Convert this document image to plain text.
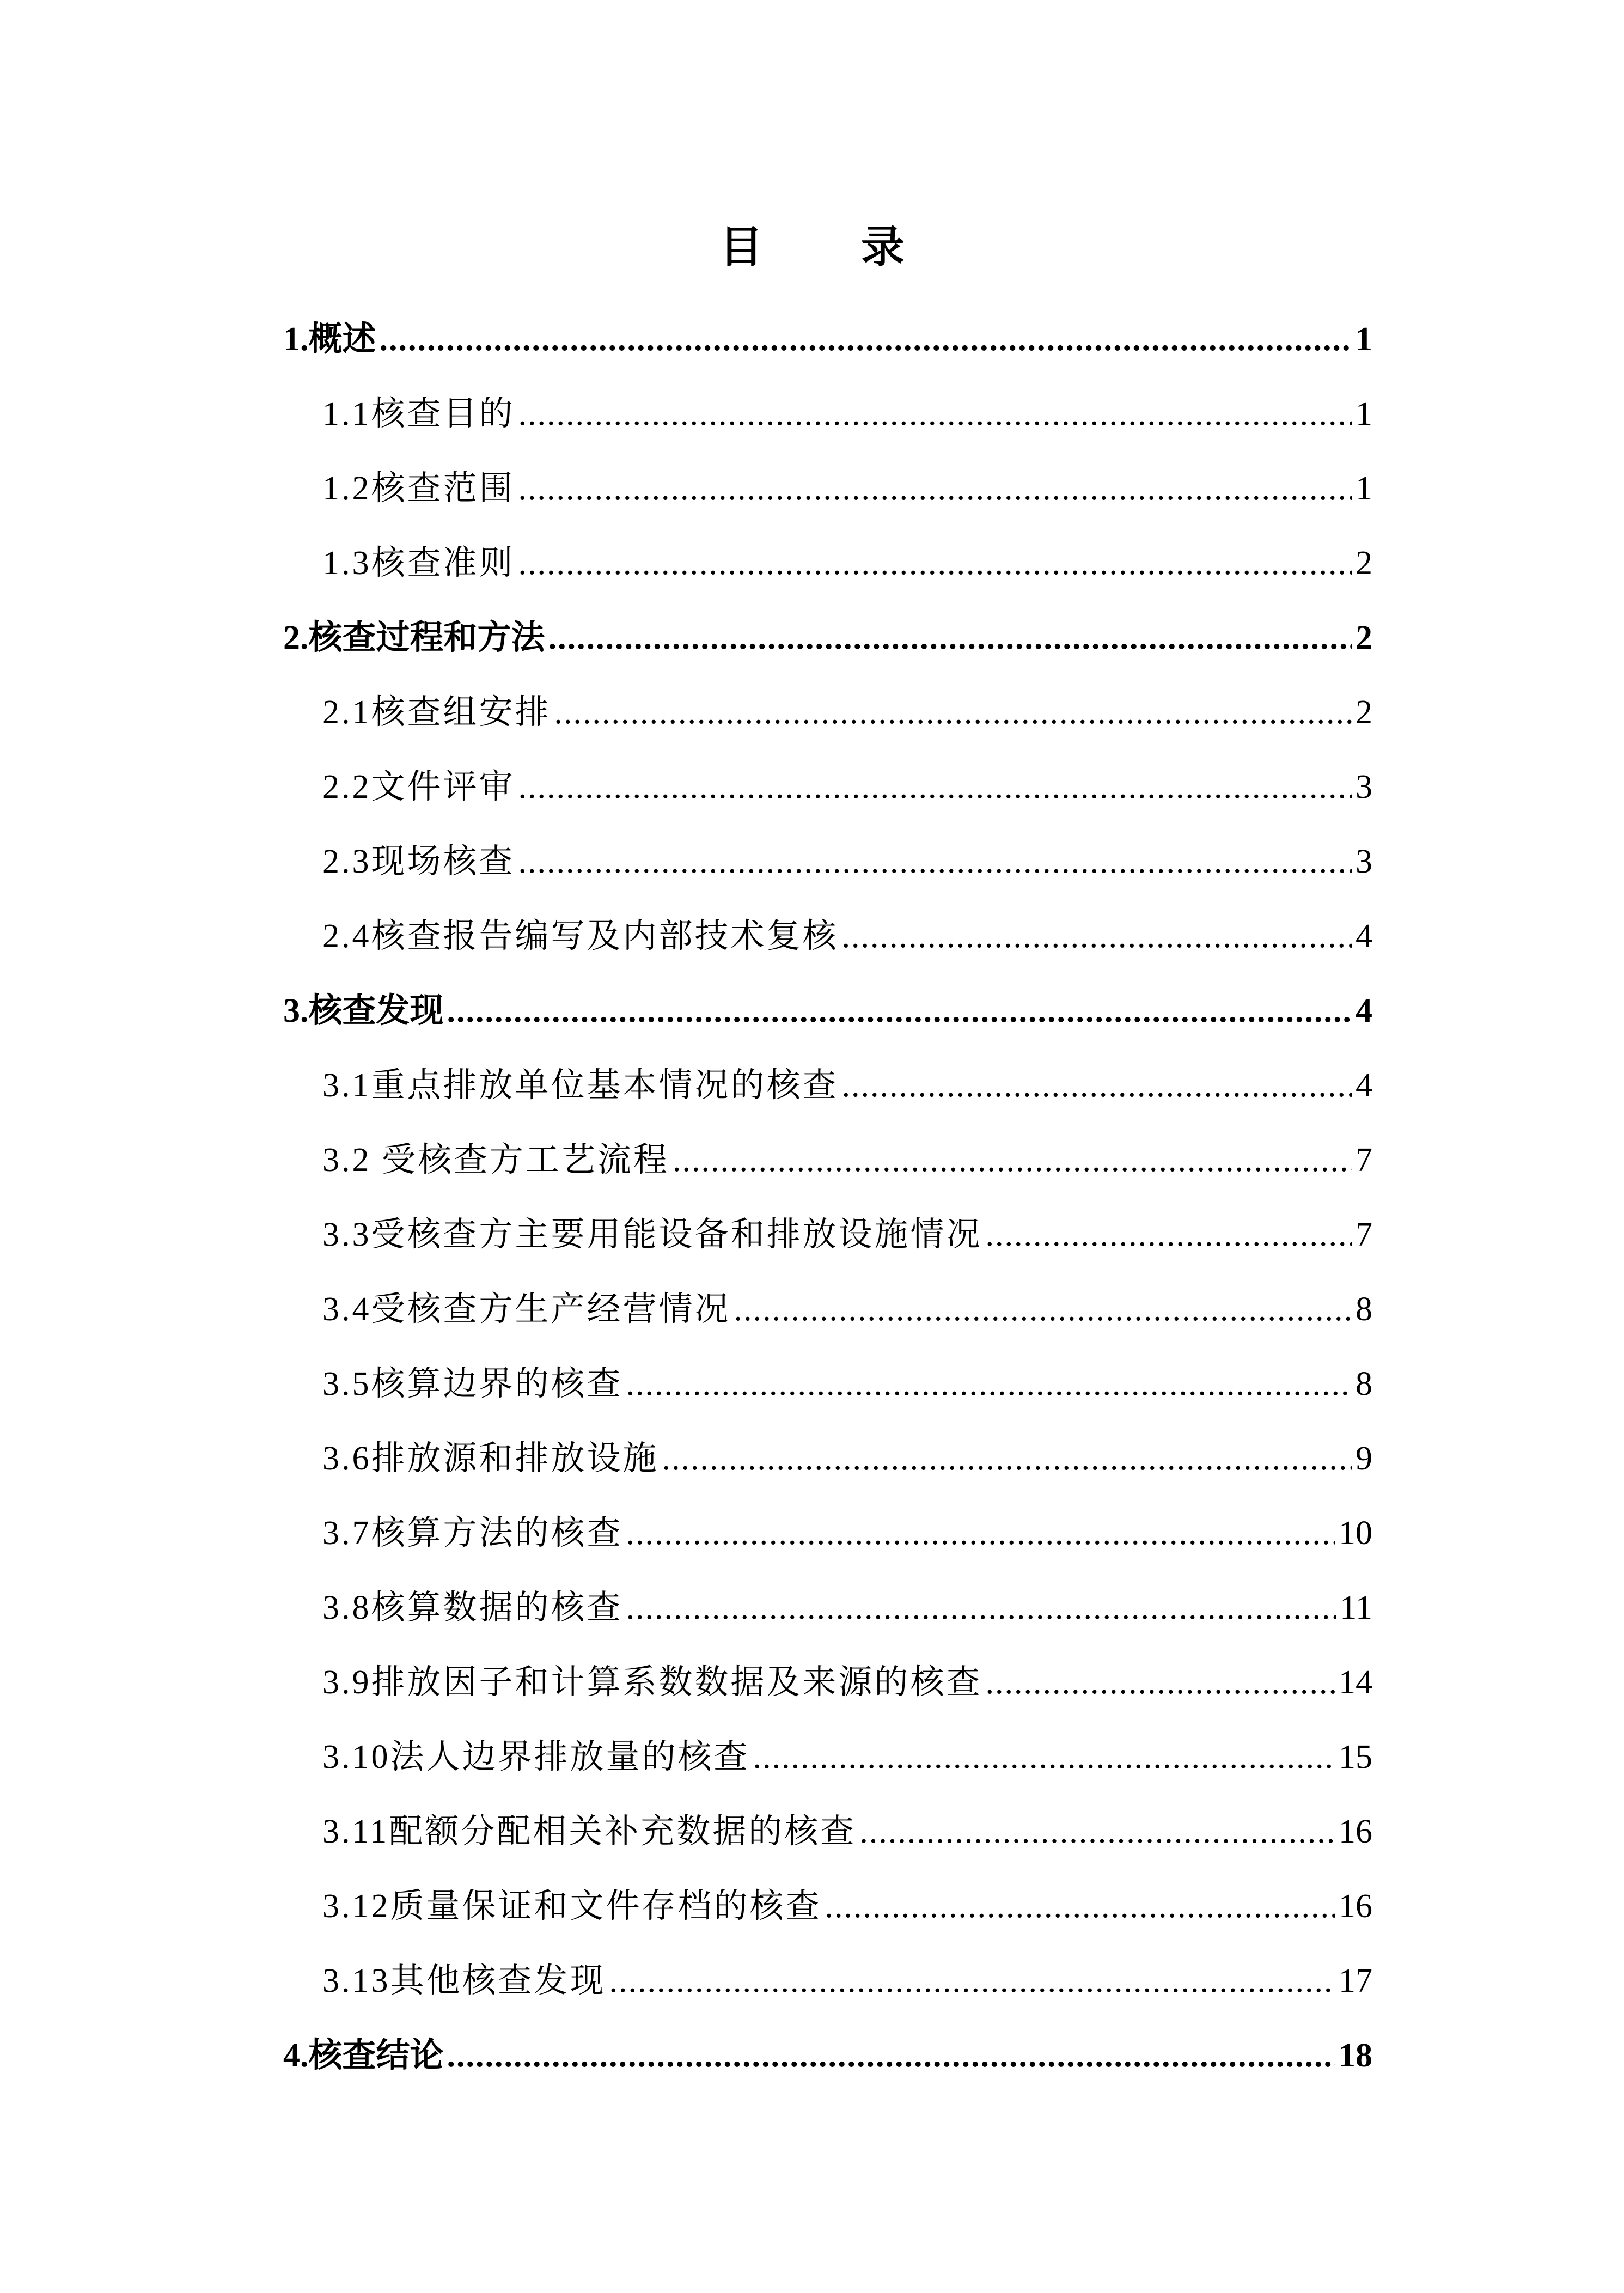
目 录
1.概述 .....	1
1.1核查目的 .....	1
1.2核查范围 .....	1
1.3核查准则 .....	2
2.核查过程和方法 .....	2
2.1核查组安排 .....	2
2.2文件评审 .....	3
2.3现场核查 .....	3
2.4核查报告编写及内部技术复核 .....	4
3.核查发现 .....	4
3.1重点排放单位基本情况的核查 .....	4
3.2 受核查方工艺流程 .....	7
3.3受核查方主要用能设备和排放设施情况 .....	7
3.4受核查方生产经营情况 .....	8
3.5核算边界的核查 .....	8
3.6排放源和排放设施 .....	9
3.7核算方法的核查 .....	10
3.8核算数据的核查 .....	11
3.9排放因子和计算系数数据及来源的核查 .....	14
3.10法人边界排放量的核查 .....	15
3.11配额分配相关补充数据的核查 .....	16
3.12质量保证和文件存档的核查 .....	16
3.13其他核查发现 .....	17
4.核查结论 .....	18
